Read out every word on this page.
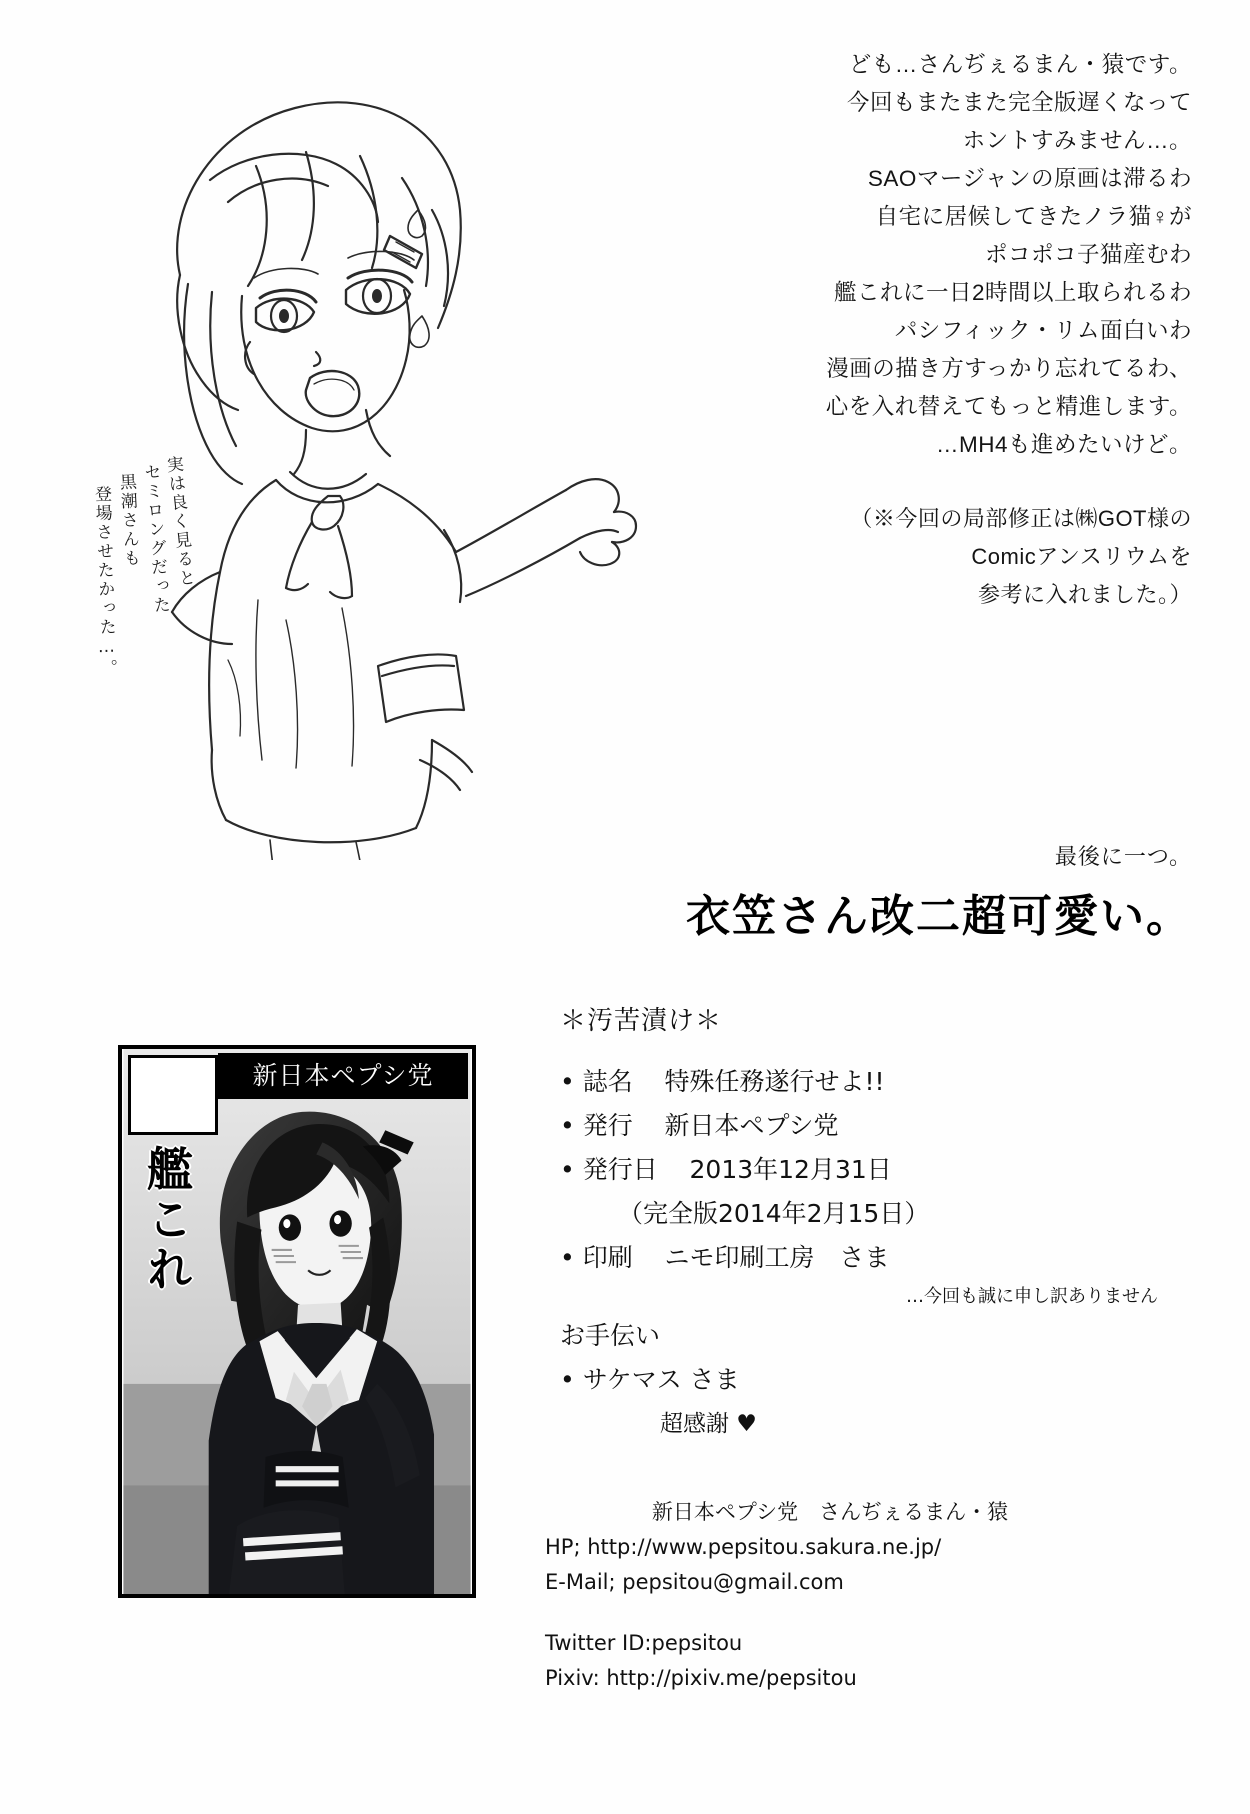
実は良く見ると
セミロングだった
黒潮さんも
登場させたかった…。

ども…さんぢぇるまん・猿です。

今回もまたまた完全版遅くなって

ホントすみません…。

SAOマージャンの原画は滞るわ

自宅に居候してきたノラ猫♀が

ポコポコ子猫産むわ

艦これに一日2時間以上取られるわ

パシフィック・リム面白いわ

漫画の描き方すっかり忘れてるわ、

心を入れ替えてもっと精進します。

…MH4も進めたいけど。

（※今回の局部修正は㈱GOT様の

Comicアンスリウムを

参考に入れました。）

最後に一つ。
衣笠さん改二超可愛い。
新日本ペプシ党
艦これ
＊汚苦漬け＊
• 誌名 特殊任務遂行せよ!!
• 発行 新日本ペプシ党
• 発行日 2013年12月31日
（完全版2014年2月15日）
• 印刷 ニモ印刷工房　さま
…今回も誠に申し訳ありません
お手伝い
• サケマス さま
超感謝 ♥
新日本ペプシ党　さんぢぇるまん・猿
HP; http://www.pepsitou.sakura.ne.jp/
E-Mail; pepsitou@gmail.com
Twitter ID:pepsitou
Pixiv: http://pixiv.me/pepsitou
